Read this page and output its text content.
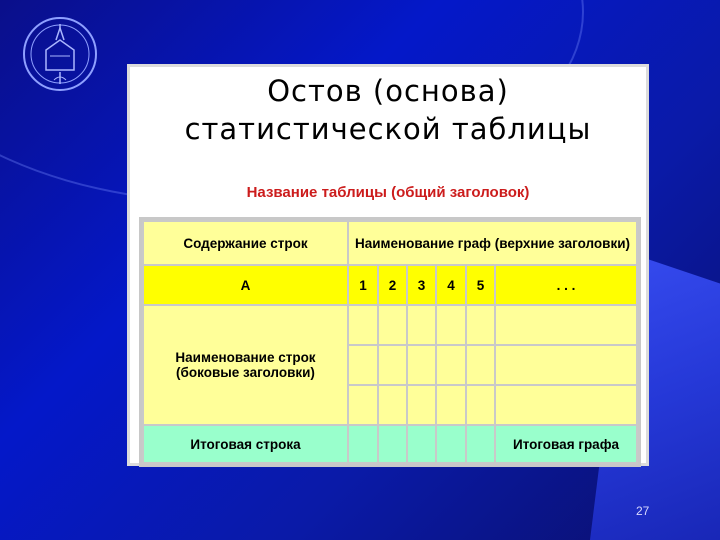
Остов (основа)
статистической таблицы
Название таблицы (общий заголовок)
Содержание строк	Наименование граф (верхние заголовки)					
А	1	2	3	4	5	. . .
Наименование строк (боковые заголовки)						

Итоговая строка						Итоговая графа
27
